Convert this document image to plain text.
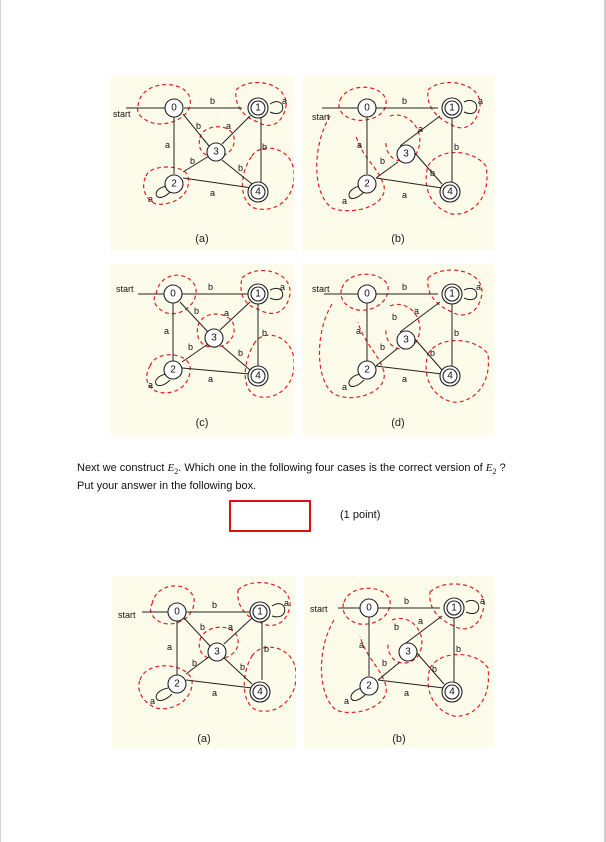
start
b	a
a
b	a
b
b
b
a
a
0	1
3
2
4
(a)
start
b	a
a
a
b
b
b
a
a
0	1
3
2
4
(b)
start	b	a
a
b	a
b
b
b
a
a
0	1
3
2
4
(c)
start	b	a
a
b
a
b
b
b
a
a
0	1
3
2
4
(d)
Next we construct $E_2$. Which one in the following four cases is the correct version of $E_2$ ?
Put your answer in the following box.
(1 point)
start
b	a
a
b	a
b
b	b
a
a
0	1
3
2
4
(a)
start
b	a
b
a
a
b
b
b
a
a
0	1
3
2
4
(b)
